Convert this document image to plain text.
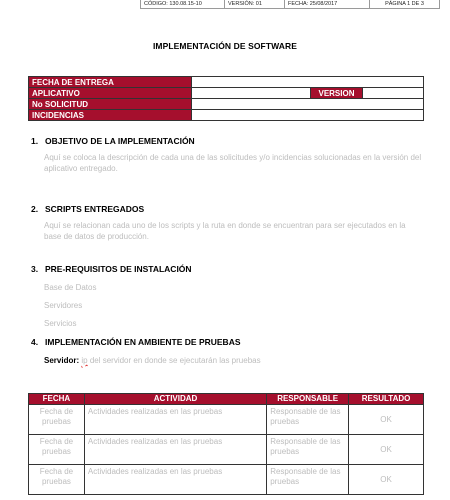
CÓDIGO: 130.08.15-10	VERSIÓN: 01	FECHA: 25/08/2017	PÁGINA 1 DE 3
IMPLEMENTACIÓN DE SOFTWARE
FECHA DE ENTREGA			
APLICATIVO		VERSION	
No SOLICITUD			
INCIDENCIAS			
1. OBJETIVO DE LA IMPLEMENTACIÓN
Aquí se coloca la descripción de cada una de las solicitudes y/o incidencias solucionadas en la versión del aplicativo entregado.
2. SCRIPTS ENTREGADOS
Aquí se relacionan cada uno de los scripts y la ruta en donde se encuentran para ser ejecutados en la base de datos de producción.
3. PRE-REQUISITOS DE INSTALACIÓN
Base de Datos
Servidores
Servicios
4. IMPLEMENTACIÓN EN AMBIENTE DE PRUEBAS
Servidor: ip del servidor en donde se ejecutarán las pruebas
FECHA	ACTIVIDAD	RESPONSABLE	RESULTADO
Fecha de pruebas	Actividades realizadas en las pruebas	Responsable de las pruebas	OK
Fecha de pruebas	Actividades realizadas en las pruebas	Responsable de las pruebas	OK
Fecha de pruebas	Actividades realizadas en las pruebas	Responsable de las pruebas	OK
